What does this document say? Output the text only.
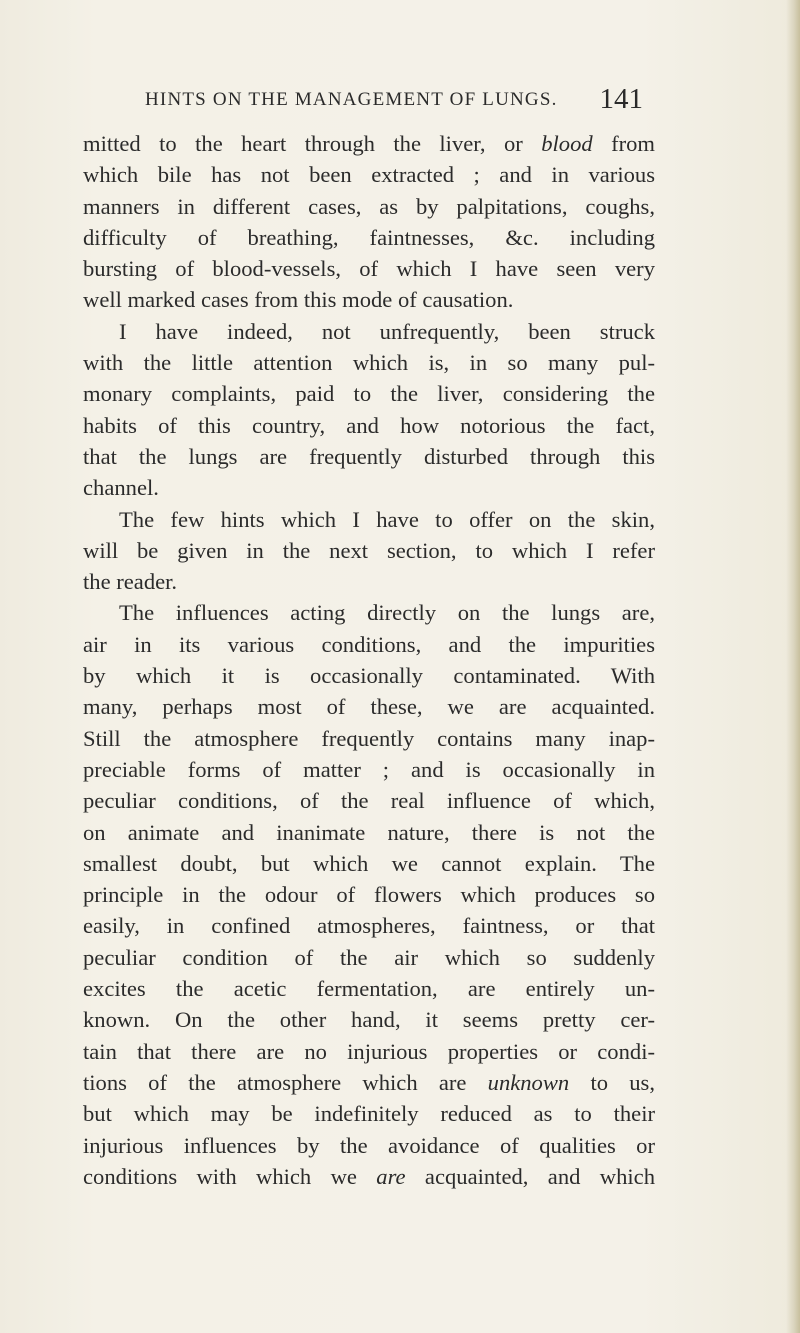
HINTS ON THE MANAGEMENT OF LUNGS. 141
mitted to the heart through the liver, or blood from
which bile has not been extracted ; and in various
manners in different cases, as by palpitations, coughs,
difficulty of breathing, faintnesses, &c. including
bursting of blood-vessels, of which I have seen very
well marked cases from this mode of causation.
I have indeed, not unfrequently, been struck
with the little attention which is, in so many pul-
monary complaints, paid to the liver, considering the
habits of this country, and how notorious the fact,
that the lungs are frequently disturbed through this
channel.
The few hints which I have to offer on the skin,
will be given in the next section, to which I refer
the reader.
The influences acting directly on the lungs are,
air in its various conditions, and the impurities
by which it is occasionally contaminated. With
many, perhaps most of these, we are acquainted.
Still the atmosphere frequently contains many inap-
preciable forms of matter ; and is occasionally in
peculiar conditions, of the real influence of which,
on animate and inanimate nature, there is not the
smallest doubt, but which we cannot explain. The
principle in the odour of flowers which produces so
easily, in confined atmospheres, faintness, or that
peculiar condition of the air which so suddenly
excites the acetic fermentation, are entirely un-
known. On the other hand, it seems pretty cer-
tain that there are no injurious properties or condi-
tions of the atmosphere which are unknown to us,
but which may be indefinitely reduced as to their
injurious influences by the avoidance of qualities or
conditions with which we are acquainted, and which
